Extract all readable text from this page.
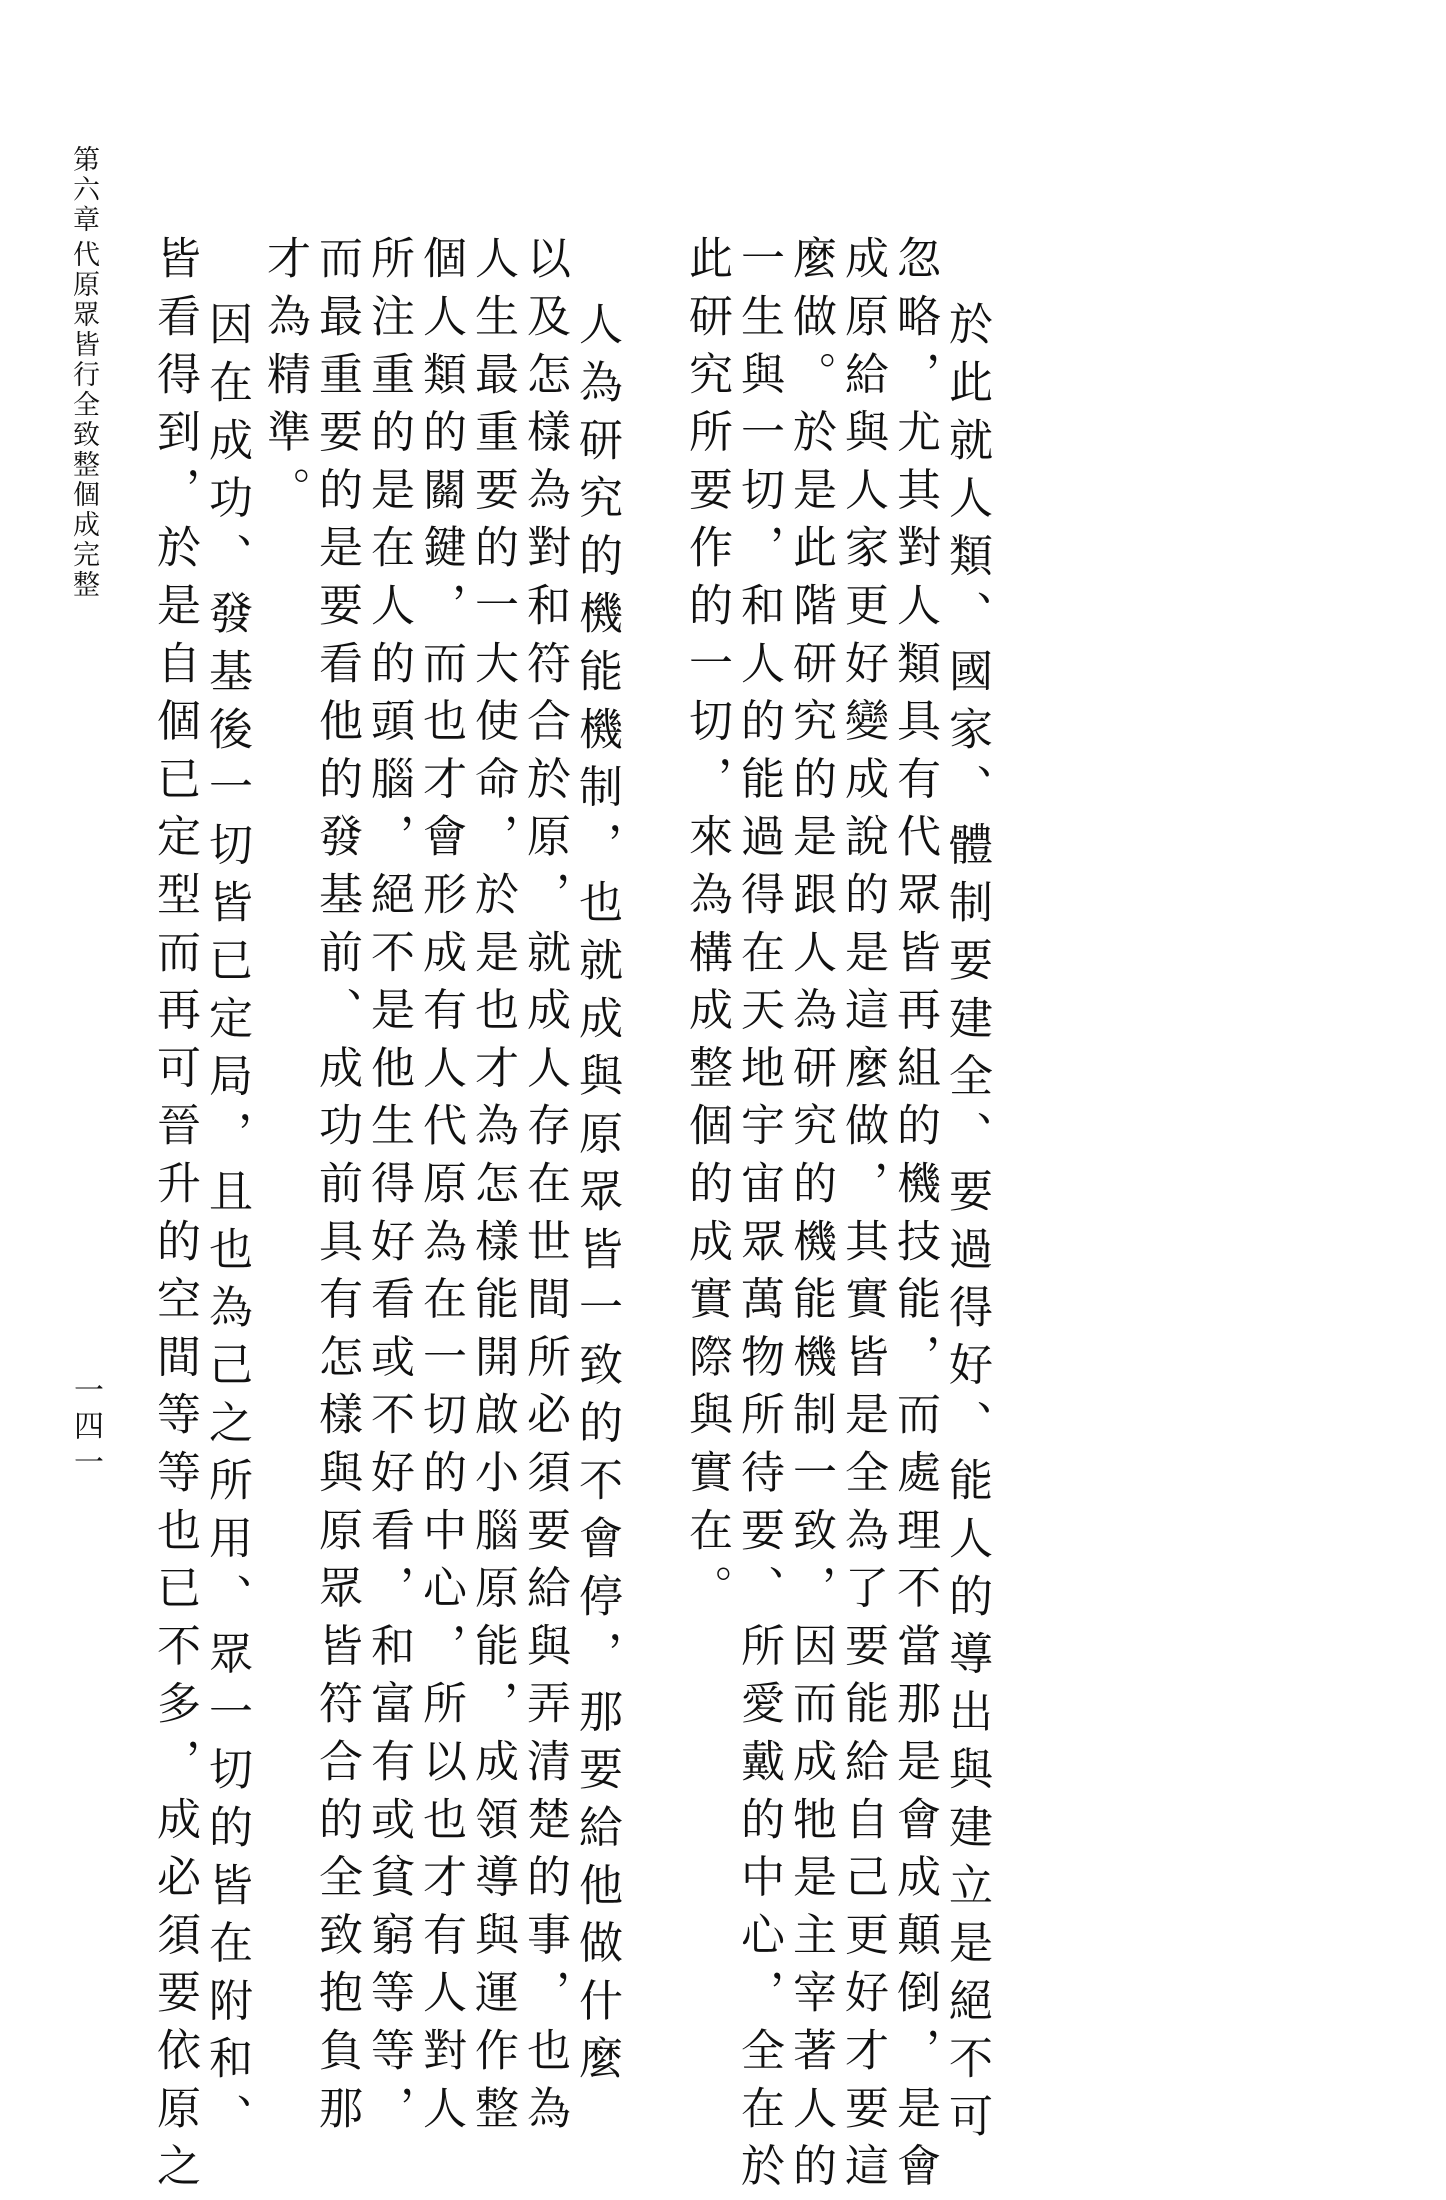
第六章
代原眾皆行全致整個成完整
一四一	於此就人類、國家、體制要建全、要過得好、能人的導出與建立是絕不可
忽略，尤其對人類具有代眾皆再組的機技能，而處理不當那是會成顛倒，是會
成原給與人家更好變成說的是這麼做，其實皆是全為了要能給自己更好才要這
麼做。於是此階研究的是跟人為研究的機能機制一致，因而成牠是主宰著人的
一生與一切，和人的能過得在天地宇宙眾萬物所待要、所愛戴的中心，全在於
此研究所要作的一切，來為構成整個的成實際與實在。
人為研究的機能機制，也就成與原眾皆一致的不會停，那要給他做什麼
以及怎樣為對和符合於原，就成人存在世間所必須要給與弄清楚的事，也為
人生最重要的一大使命，於是也才為怎樣能開啟小腦原能，成領導與運作整
個人類的關鍵，而也才會形成有人代原為在一切的中心，所以也才有人對人
所注重的是在人的頭腦，絕不是他生得好看或不好看，和富有或貧窮等等，
而最重要的是要看他的發基前、成功前具有怎樣與原眾皆符合的全致抱負那
才為精準。
因在成功、發基後一切皆已定局，且也為己之所用、眾一切的皆在附和、
皆看得到，於是自個已定型而再可晉升的空間等等也已不多，成必須要依原之
